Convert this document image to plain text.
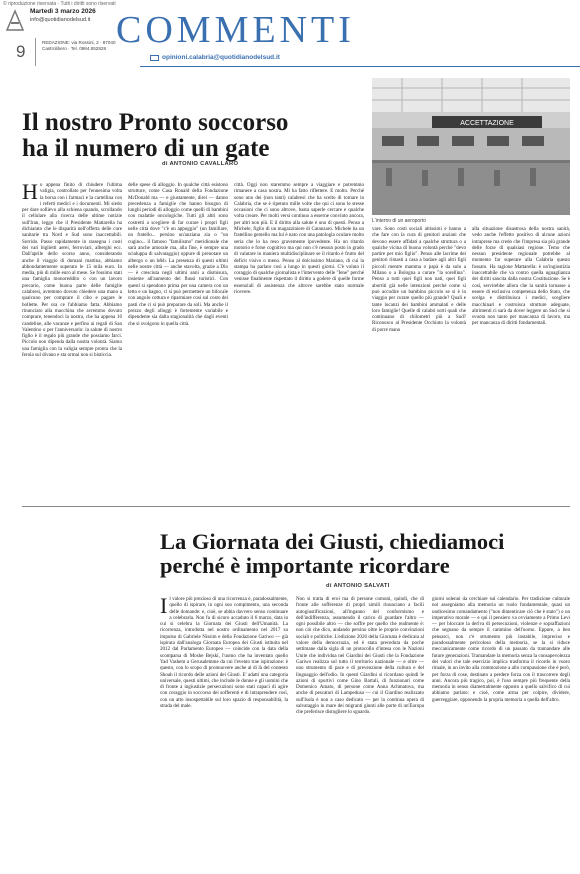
© riproduzione riservata · Tutti i diritti sono riservati
Martedì 3 marzo 2026
info@quotidianodelsud.it
9	REDAZIONE: via Rossini, 2 · 87040 Castrolibero · Tel. 0984.852828 COMMENTI
opinioni.calabria@quotidianodelsud.it
Il nostro Pronto soccorso
ha il numero di un gate
di ANTONIO CAVALLARO
ACCETTAZIONE
L'interno di un aeroporto
H o appena finito di chiudere l'ultima valigia, controllato per l'ennesima volta la borsa con i farmaci e la cartellina con i referti medici e i documenti. Mi siedo per dare sollievo alla schiena quando, scrollando il cellulare alla ricerca delle ultime notizie sull'Iran, leggo che il Presidente Mattarella ha dichiarato che le disparità nell'offerta delle cure sanitarie tra Nord e Sud sono inaccettabili. Sorrido. Passo rapidamente in rassegna i costi dei vari biglietti aerei, ferroviari, alberghi ecc. Dall'aprile dello scorso anno, considerando anche il viaggio di domani mattina, abbiamo abbondantemente superato le 15 mila euro. In media, più di mille euro al mese. Se fossimo stati una famiglia monoreddito o con un lavoro precario, come buona parte delle famiglie calabresi, avremmo dovuto chiedere una mano a qualcuno per comprare il cibo e pagare le bollette. Per ora ce l'abbiamo fatta. Abbiamo rinunciato alla macchina che avremmo dovuto comprare, tenendoci la nostra, che ha appena 16 candeline, alle vacanze e perfino ai regali di San Valentino o per l'anniversario: la salute di nostro figlio è il regalo più grande che possiamo farci. Piccolo non dipenda dalla nostra volontà. Siamo una famiglia con la valigia sempre pronta che la ferola sul divano e sta ormai non si bisticcia.
delle spese di alloggio. In qualche città esistono strutture, come Casa Ronald della Fondazione McDonald ma — e giustamente, direi — danno precedenza a famiglie che hanno bisogno di lunghi periodi di alloggio come quelli di bambini con malattie oncologiche. Tutti gli altri sono costretti a scegliere di far curare i propri figli nelle città dove "c'è un appoggio" (un familiare, un fratello... persino un'anziana zia o "un cugino... il famoso "familismo" meridionale che sarà anche amorale ma, alla fine, è sempre una scialuppa di salvataggio) oppure di prenotare un albergo o un b&b. La presenza di questi ultimi nelle nostre città — anche stavolta, grazie a Dio — è cresciuta negli ultimi anni a dismisura, insieme all'aumento dei flussi turistici. Con questi si spendono prima per una camera con un letto e un bagno, ci si può permettere un bilocale con angolo cottura e riparmiare così sul costo dei pasti che ci si può preparare da soli. Ma anche il prezzo degli alloggi è fortemente variabile e dipendente sia dalla stagionalità che dagli eventi che si svolgono in quella città.
città. Oggi non staremmo sempre a viaggiare e potremmo rimanere a casa nostra. Mi ha fatto riflettere. E molto. Perché sono uno dei (non tanti) calabresi che ha scelto di tornare in Calabria, che se è ripetuto mille volte che qui ci sono le stesse occasioni che ci sono altrove, basta saperle cercare e qualche volta creare. Per molti versi continuo a esserne convinto ancora, per altri non più. E il diritto alla salute è uno di questi. Penso a Michele, figlio di un magazziniere di Catanzaro. Michele ha un fratellino gemello ma lui è nato con una patologia oculare molto seria che lo ha reso gravemente ipovedente. Ha un ritardo motorio e forse cognitivo ma qui non c'è nessun posto in grado di valutare in maniera multidisciplinare se il ritardo è frutto del deficit visivo o meno. Penso al dolcissimo Mariano, di cui la stampa ha parlato così a lungo in questi giorni. C'è voluto il coraggio di qualche giornalista e l'intervento delle "Iene" perché venisse finalmente rispettato il diritto a godere di quelle forme essenziali di assistenza che altrove sarebbe stato normale ricevere.
vare. Sono costi sociali altissimi e hanno a che fare con la cura di genitori anziani che devono essere affidati a qualche struttura o a qualche vicina di buona volontà perché "devo partire per mio figlio". Penso alle lacrime dei genitori rimasti a casa a badare agli altri figli piccoli mentre mamma o papà è da solo a Milano o a Bologna a curare "la sorellina". Penso a tutti quei figli non nati, quei figli abortiti già nelle intenzioni perché come si può accudire un bambino piccolo se si è in viaggio per curare quello più grande? Quali e tante locanzi dei bambini ammalati e delle loro famiglie! Quelle di calabri sorti quali che continuano di chilometri più a Sud? Riconosco al Presidente Occhiuto la volontà di porre mano
alla situazione disastrosa della nostra sanità, vedo anche l'effetto positivo di alcune azioni intraprese ma credo che l'impresa sia più grande delle forze di qualsiasi regione. Temo che nessun presidente regionale potrebbe al momento far superare alla Calabria questo fossato. Ha ragione Mattarella: è un'ingiustizia inaccettabile che va contro quella uguaglianza dei diritti sancita dalla nostra Costituzione. Se è così, servirebbe allora che la sanità tornasse a essere di esclusiva competenza dello Stato, che scelga e distribuisca i medici, scegliere macchinari e costruisca strutture adeguate, altrimenti ci sarà da dover leggere un Sud che si svuota non tanto per mancanza di lavoro, ma per mancanza di diritti fondamentali.
La Giornata dei Giusti, chiediamoci
perché è importante ricordare
di ANTONIO SALVATI
I l valore più prezioso di una ricorrenza è, paradossalmente, quello di ispirare, in ogni suo compimento, una seconda delle domande: e, cioè, se abbia davvero senso continuare a celebrarla. Non fu di sicuro accaduto il 6 marzo, data in cui si celebra la Giornata dei Giusti dell'Umanità. La ricorrenza, introdotta nel nostro ordinamento nel 2017 su impulso di Gabriele Nissim e della Fondazione Gariwo — già ispirata dall'analoga Giornata Europea dei Giusti istituita nel 2012 dal Parlamento Europeo — coincide con la data della scomparsa di Moshe Bejski, l'uomo che ha inventato quello Yad Vashem a Gerusalemme da cui l'evento trae ispirazione: è questo, con lo scopo di promuovere anche al di là del contesto Shoah il ricordo delle azioni dei Giusti. E' adatti una categoria universale, questi ultimi, che include le donne e gli uomini che di fronte a ingiustizie persecuzioni sono stati capaci di agire con coraggio in soccorso dei sofferenti e di intraprendere così, con un atto insospettabile sul loro spazio di responsabilità, la strada del male.
Non si tratta di eroi ma di persone comuni, quindi, che di fronte alle sofferenze di propri simili rinunciano a facili autogiustificazioni, all'inganno del conformismo e dell'indifferenza, assumendo il carico di guardare l'altro — ogni possibile altro — che soffre per quello che realmente è: non ciò che dico, andando persino oltre le proprie convinzioni sociali e politiche. L'edizione 2026 della Giornata è dedicata al valore della democrazia, ed è stata preceduta da poche settimane dalla sigla di un protocollo d'intesa con le Nazioni Unite che individua nei Giardini dei Giusti che la Fondazione Gariwo realizza sul tutto il territorio nazionale — e oltre — uno strumento di pace e di prevenzione della cultura e del linguaggio dell'odio. In questi Giardini si ricordano quindi le azioni di sportivi come Gino Bartali, di funzionari come Domenico Amato, di persone come Anna Achmatova, ma anche di pescatori di Lampedusa — cui il Giardino realizzato sull'Isola è non a caso dedicato — per la continua opera di salvataggio in mare dei migranti giunti alle porte di un'Europa che preferisce distogliere lo sguardo.
giorni solenni da cerchiare sul calendario. Per tradizione culturale noi assegniamo alla memoria un ruolo fondamentale, quasi un undicesimo comandamento ("non dimenticare ciò che è stato") o un imperativo morale — e qui il pensiero va ovviamente a Primo Levi — per bloccare la deriva di persecuzioni, violenze e sopraffazioni che segnano da sempre il cammino dell'uomo. Eppure, a ben pensarci, non c'è strumento più instabile, imprecisо e paradossalmente pericoloso della memoria, se la si riduce meccanicamente come ricordo di un passato da tramandare alle future generazioni. Tramandare la memoria senza la consapevolezza dei valori che tale esercizio implica trasforma il ricordo in vuoto rituale, in un invito alla commozione a allo compassione che è però, per forza di cose, destinato a perdere forza con il trascorrere degli anni. Ancora più tragico, poi, è l'uso sempre più frequente della memoria in senso diametralmente opposto a quello salvifico di cui abbiamo parlato: e cioè, come arma per colpire, dividere, guerreggiare, opponendo la propria memoria a quella dell'altro.
